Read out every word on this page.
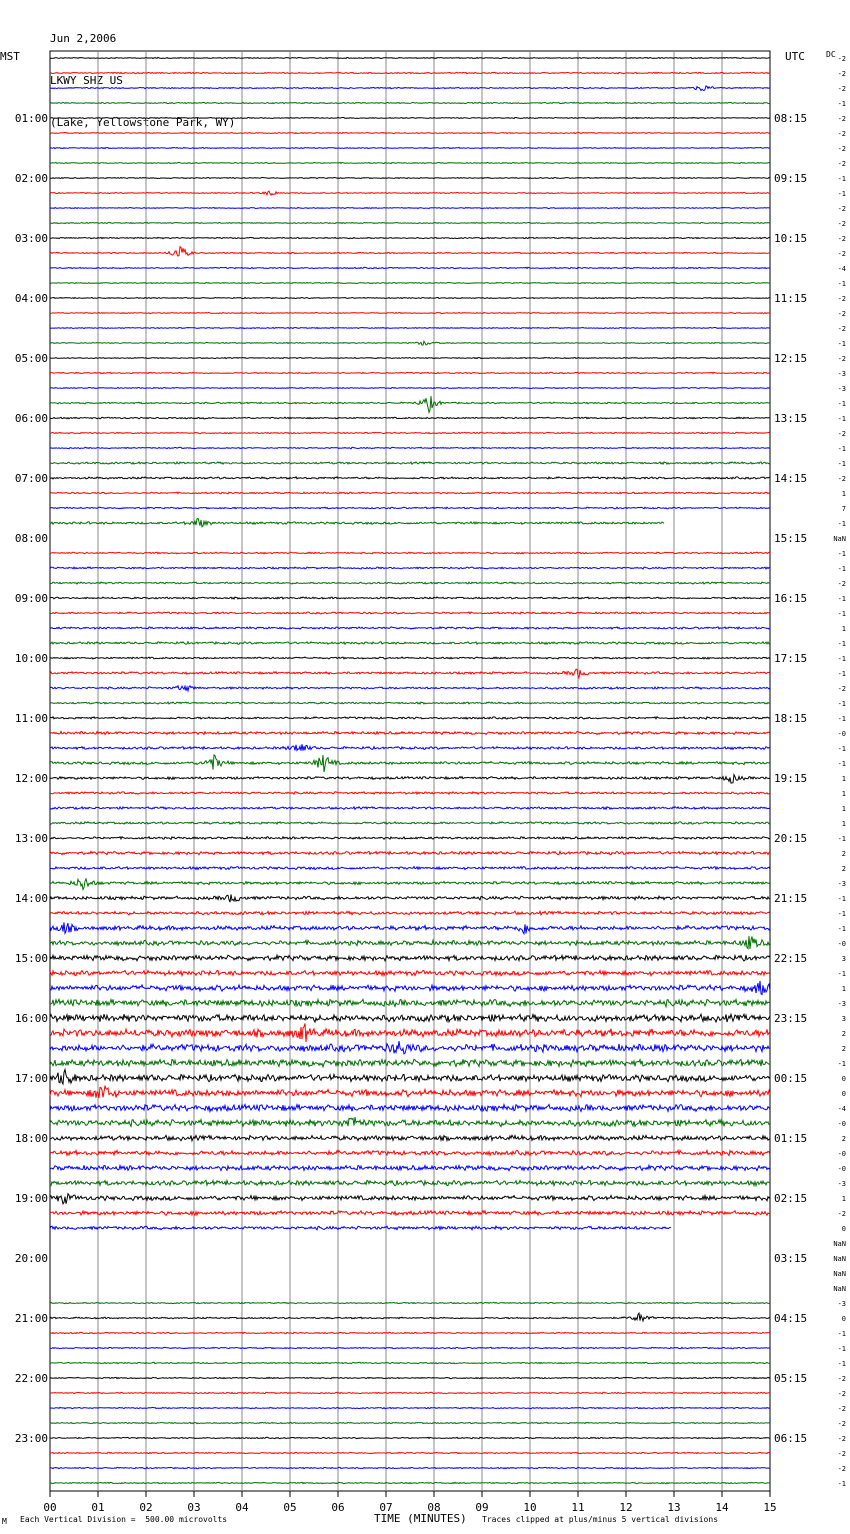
Jun 2,2006

LKWY SHZ US

(Lake, Yellowstone Park, WY)

MST	UTC	DC
00	01	02	03	04	05	06	07	08	09	10	11	12	13	14	15
01:00
02:00
03:00
04:00
05:00
06:00
07:00
08:00
09:00
10:00
11:00
12:00
13:00
14:00
15:00
16:00
17:00
18:00
19:00
20:00
21:00
22:00
23:00
08:15
09:15
10:15
11:15
12:15
13:15
14:15
15:15
16:15
17:15
18:15
19:15
20:15
21:15
22:15
23:15
00:15
01:15
02:15
03:15
04:15
05:15
06:15
-2
-2
-2
-1
-2
-2
-2
-2
-1
-1
-2
-2
-2
-2
-4
-1
-2
-2
-2
-1
-2
-3
-3
-1
-1
-2
-1
-1
-2
1
7
-1
NaN
-1
-1
-2
-1
-1
1
-1
-1
-1
-2
-1
-1
-0
-1
-1
1
1
1
1
-1
2
2
-3
-1
-1
-1
-0
3
-1
1
-3
3
2
2
-1
0
0
-4
-0
2
-0
-0
-3
1
-2
0
NaN
NaN
NaN
NaN
-3
0
-1
-1
-1
-2
-2
-2
-2
-2
-2
-2
-1
M Each Vertical Division =  500.00 microvolts	TIME (MINUTES) Traces clipped at plus/minus 5 vertical divisions
